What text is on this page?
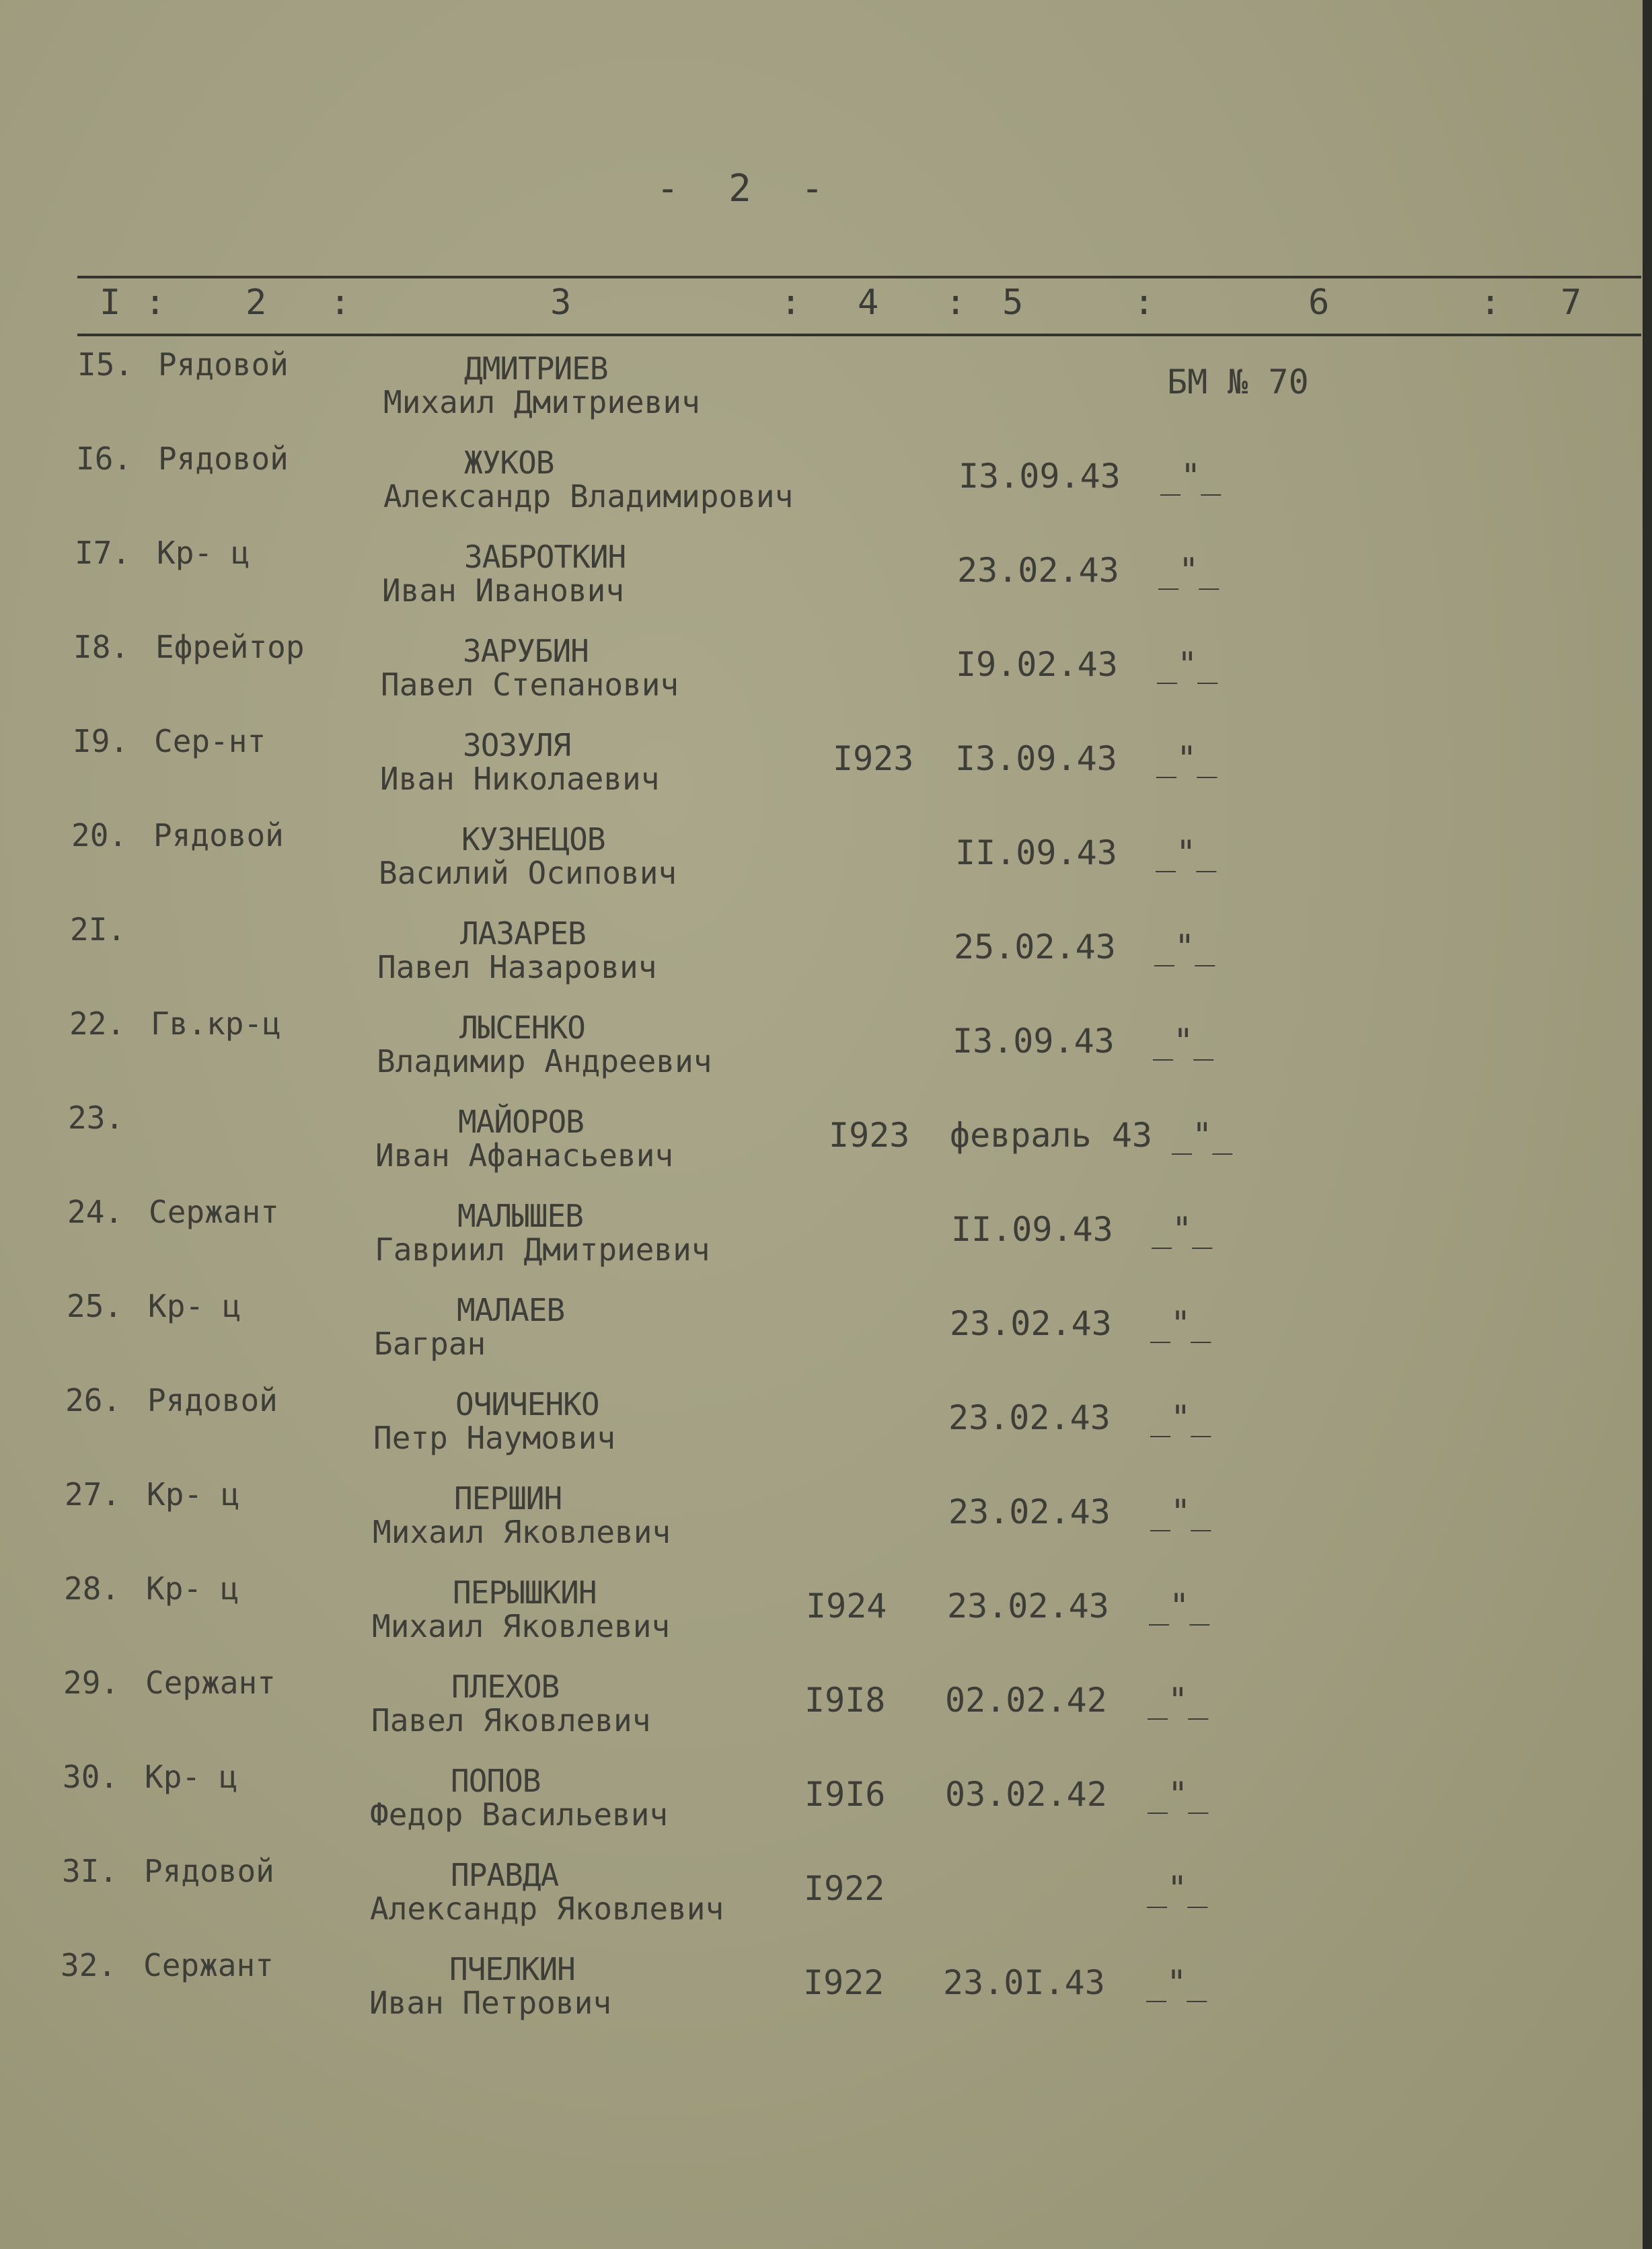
- 2 -
I : 2 :	3	: 4 : 5	:	6	: 7
I5. Рядовой	ДМИТРИЕВ
Михаил Дмитриевич
БМ № 70
I6. Рядовой	ЖУКОВ
Александр Владимирович
I3.09.43 _"_
I7. Кр- ц	ЗАБРОТКИН
Иван Иванович
23.02.43 _"_
I8. Ефрейтор	ЗАРУБИН
Павел Степанович
I9.02.43 _"_
I9. Сер-нт	ЗОЗУЛЯ
Иван Николаевич
I923 I3.09.43 _"_
20. Рядовой	КУЗНЕЦОВ
Василий Осипович
II.09.43 _"_
2I.	ЛАЗАРЕВ
Павел Назарович
25.02.43 _"_
22. Гв.кр-ц	ЛЫСЕНКО
Владимир Андреевич
I3.09.43 _"_
23.	МАЙОРОВ
Иван Афанасьевич
I923 февраль 43 _"_
24. Сержант	МАЛЫШЕВ
Гавриил Дмитриевич
II.09.43 _"_
25. Кр- ц	МАЛАЕВ
Багран
23.02.43 _"_
26. Рядовой	ОЧИЧЕНКО
Петр Наумович
23.02.43 _"_
27. Кр- ц	ПЕРШИН
Михаил Яковлевич
23.02.43 _"_
28. Кр- ц	ПЕРЫШКИН
Михаил Яковлевич
I924 23.02.43 _"_
29. Сержант	ПЛЕХОВ
Павел Яковлевич
I9I8 02.02.42 _"_
30. Кр- ц	ПОПОВ
Федор Васильевич
I9I6 03.02.42 _"_
3I. Рядовой	ПРАВДА
Александр Яковлевич
I922	_"_
32. Сержант	ПЧЕЛКИН
Иван Петрович
I922 23.0I.43 _"_
